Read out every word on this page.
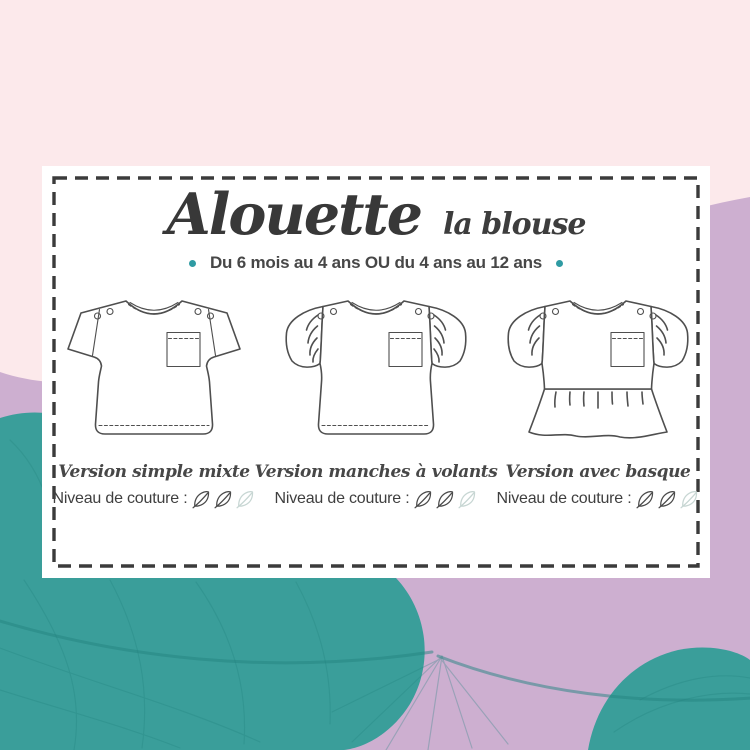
Alouette la blouse
Du 6 mois au 4 ans OU du 4 ans au 12 ans
Version simple mixte
Niveau de couture :
Version manches à volants
Niveau de couture :
Version avec basque
Niveau de couture :
